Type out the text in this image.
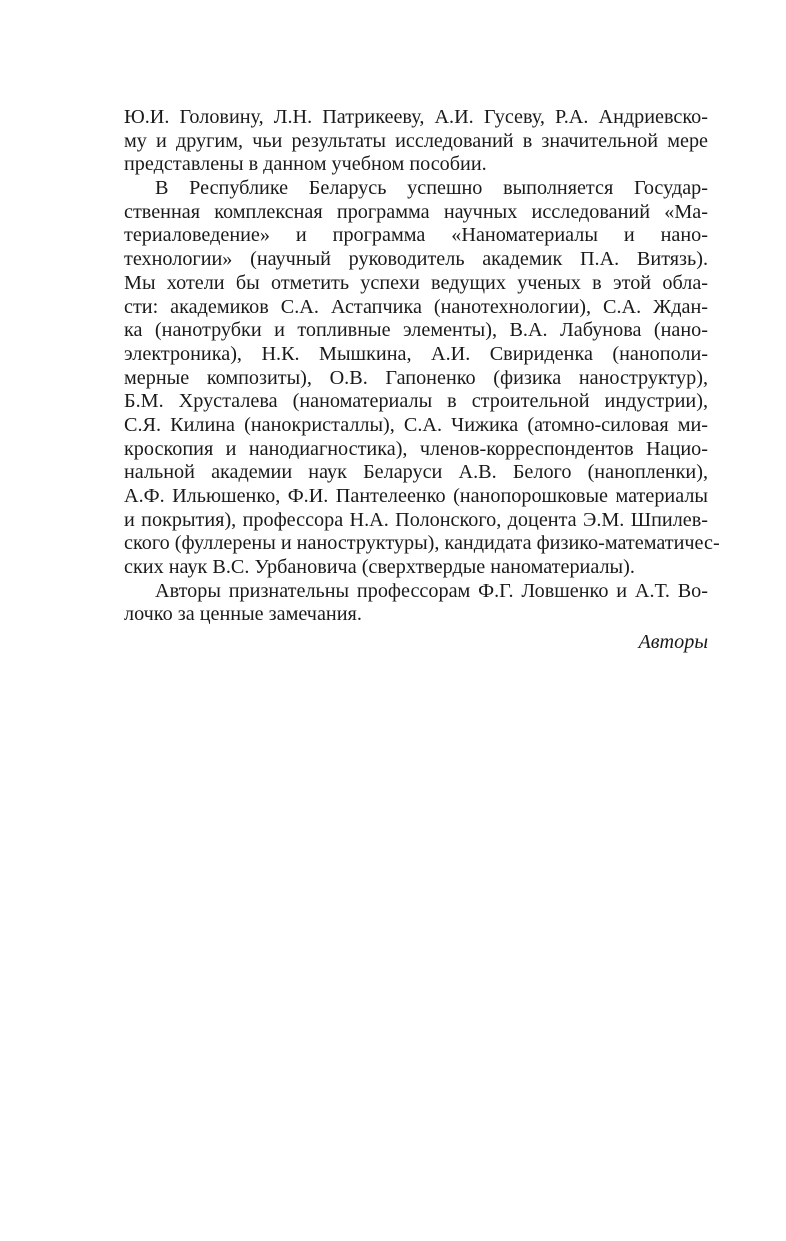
Ю.И. Головину, Л.Н. Патрикееву, А.И. Гусеву, Р.А. Андриевско-
му и другим, чьи результаты исследований в значительной мере
представлены в данном учебном пособии.
В Республике Беларусь успешно выполняется Государ-
ственная комплексная программа научных исследований «Ма-
териаловедение» и программа «Наноматериалы и нано-
технологии» (научный руководитель академик П.А. Витязь).
Мы хотели бы отметить успехи ведущих ученых в этой обла-
сти: академиков С.А. Астапчика (нанотехнологии), С.А. Ждан-
ка (нанотрубки и топливные элементы), В.А. Лабунова (нано-
электроника), Н.К. Мышкина, А.И. Свириденка (нанополи-
мерные композиты), О.В. Гапоненко (физика наноструктур),
Б.М. Хрусталева (наноматериалы в строительной индустрии),
С.Я. Килина (нанокристаллы), С.А. Чижика (атомно-силовая ми-
кроскопия и нанодиагностика), членов-корреспондентов Нацио-
нальной академии наук Беларуси А.В. Белого (нанопленки),
А.Ф. Ильюшенко, Ф.И. Пантелеенко (нанопорошковые материалы
и покрытия), профессора Н.А. Полонского, доцента Э.М. Шпилев-
ского (фуллерены и наноструктуры), кандидата физико-математичес-
ских наук В.С. Урбановича (сверхтвердые наноматериалы).
Авторы признательны профессорам Ф.Г. Ловшенко и А.Т. Во-
лочко за ценные замечания.
Авторы
